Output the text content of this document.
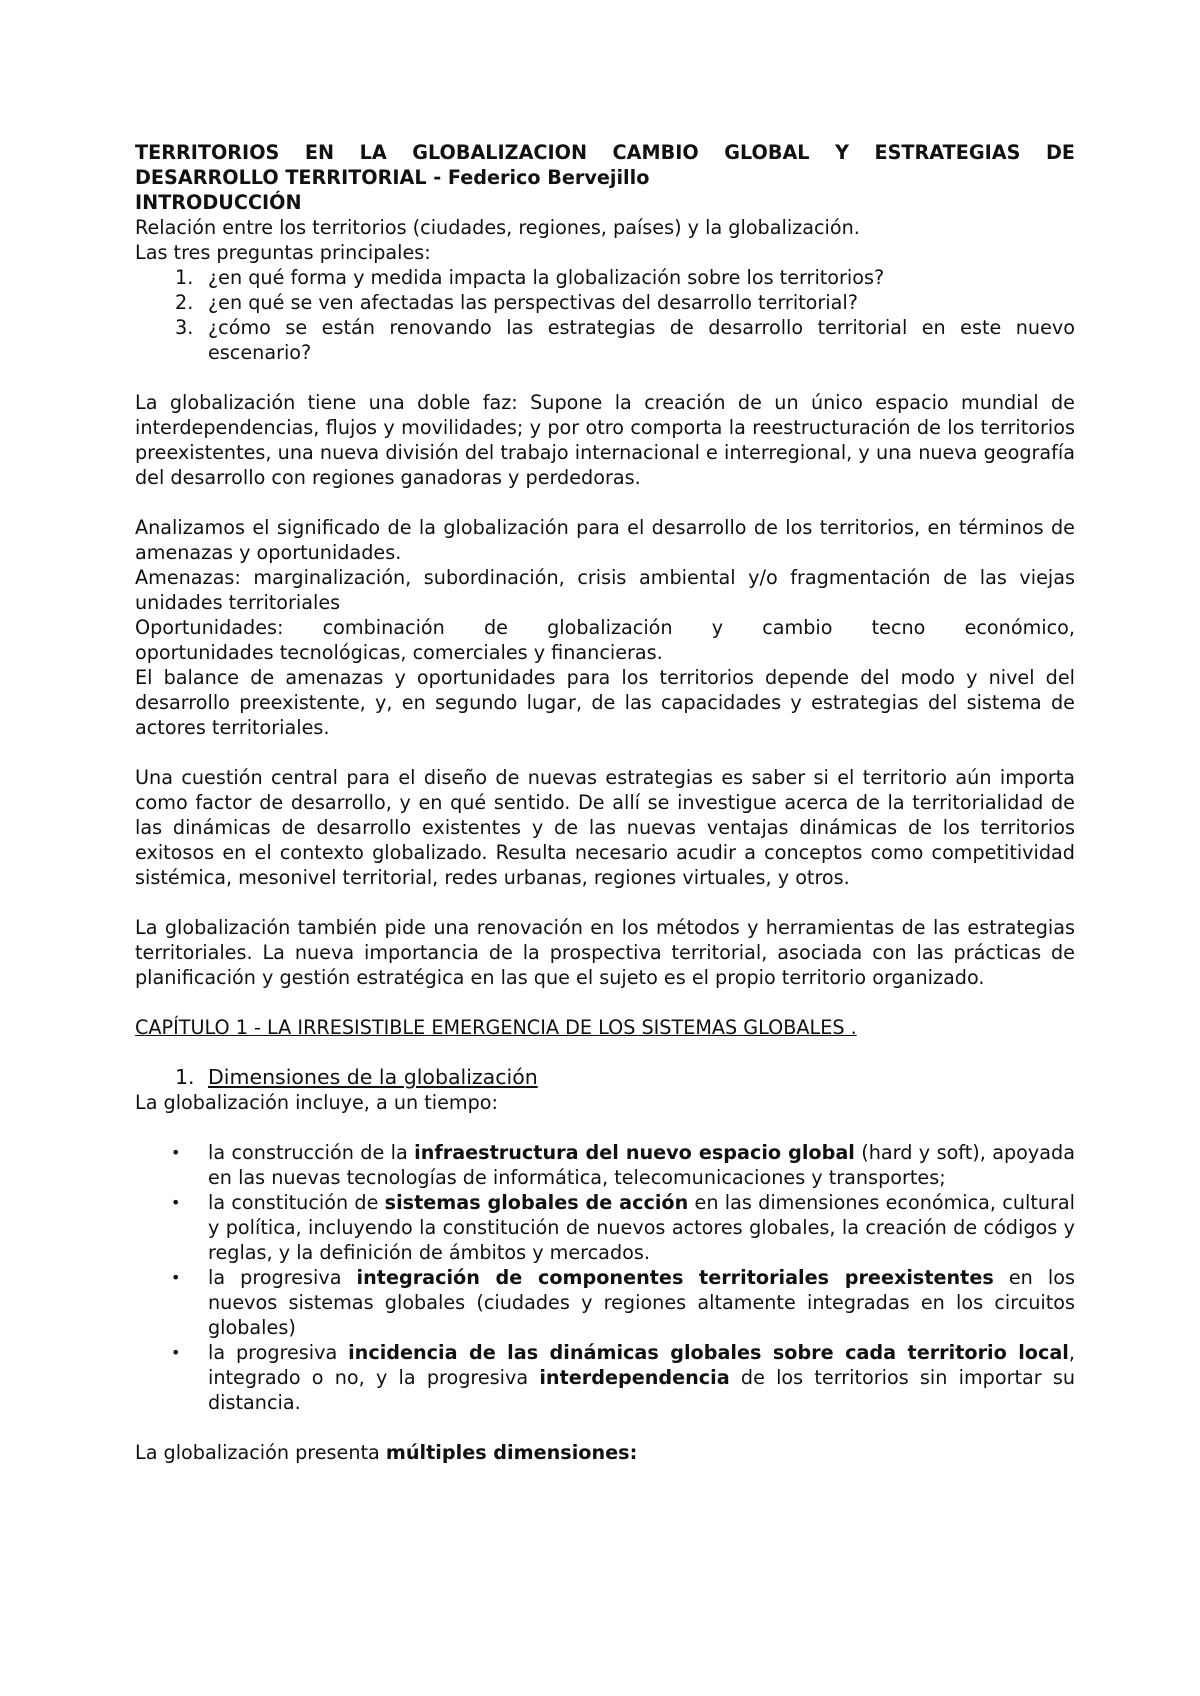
TERRITORIOS EN LA GLOBALIZACION CAMBIO GLOBAL Y ESTRATEGIAS DE
DESARROLLO TERRITORIAL - Federico Bervejillo
INTRODUCCIÓN
Relación entre los territorios (ciudades, regiones, países) y la globalización.
Las tres preguntas principales:
1. ¿en qué forma y medida impacta la globalización sobre los territorios?
2. ¿en qué se ven afectadas las perspectivas del desarrollo territorial?
3. ¿cómo se están renovando las estrategias de desarrollo territorial en este nuevo escenario?
La globalización tiene una doble faz: Supone la creación de un único espacio mundial de interdependencias, flujos y movilidades; y por otro comporta la reestructuración de los territorios preexistentes, una nueva división del trabajo internacional e interregional, y una nueva geografía del desarrollo con regiones ganadoras y perdedoras.
Analizamos el significado de la globalización para el desarrollo de los territorios, en términos de amenazas y oportunidades.
Amenazas: marginalización, subordinación, crisis ambiental y/o fragmentación de las viejas unidades territoriales
Oportunidades: combinación de globalización y cambio tecno económico,
oportunidades tecnológicas, comerciales y financieras.
El balance de amenazas y oportunidades para los territorios depende del modo y nivel del desarrollo preexistente, y, en segundo lugar, de las capacidades y estrategias del sistema de actores territoriales.
Una cuestión central para el diseño de nuevas estrategias es saber si el territorio aún importa como factor de desarrollo, y en qué sentido. De allí se investigue acerca de la territorialidad de las dinámicas de desarrollo existentes y de las nuevas ventajas dinámicas de los territorios exitosos en el contexto globalizado. Resulta necesario acudir a conceptos como competitividad sistémica, mesonivel territorial, redes urbanas, regiones virtuales, y otros.
La globalización también pide una renovación en los métodos y herramientas de las estrategias territoriales. La nueva importancia de la prospectiva territorial, asociada con las prácticas de planificación y gestión estratégica en las que el sujeto es el propio territorio organizado.
CAPÍTULO 1 - LA IRRESISTIBLE EMERGENCIA DE LOS SISTEMAS GLOBALES .
1. Dimensiones de la globalización
La globalización incluye, a un tiempo:
• la construcción de la infraestructura del nuevo espacio global (hard y soft), apoyada en las nuevas tecnologías de informática, telecomunicaciones y transportes;
• la constitución de sistemas globales de acción en las dimensiones económica, cultural y política, incluyendo la constitución de nuevos actores globales, la creación de códigos y reglas, y la definición de ámbitos y mercados.
• la progresiva integración de componentes territoriales preexistentes en los nuevos sistemas globales (ciudades y regiones altamente integradas en los circuitos globales)
• la progresiva incidencia de las dinámicas globales sobre cada territorio local, integrado o no, y la progresiva interdependencia de los territorios sin importar su distancia.
La globalización presenta múltiples dimensiones:
